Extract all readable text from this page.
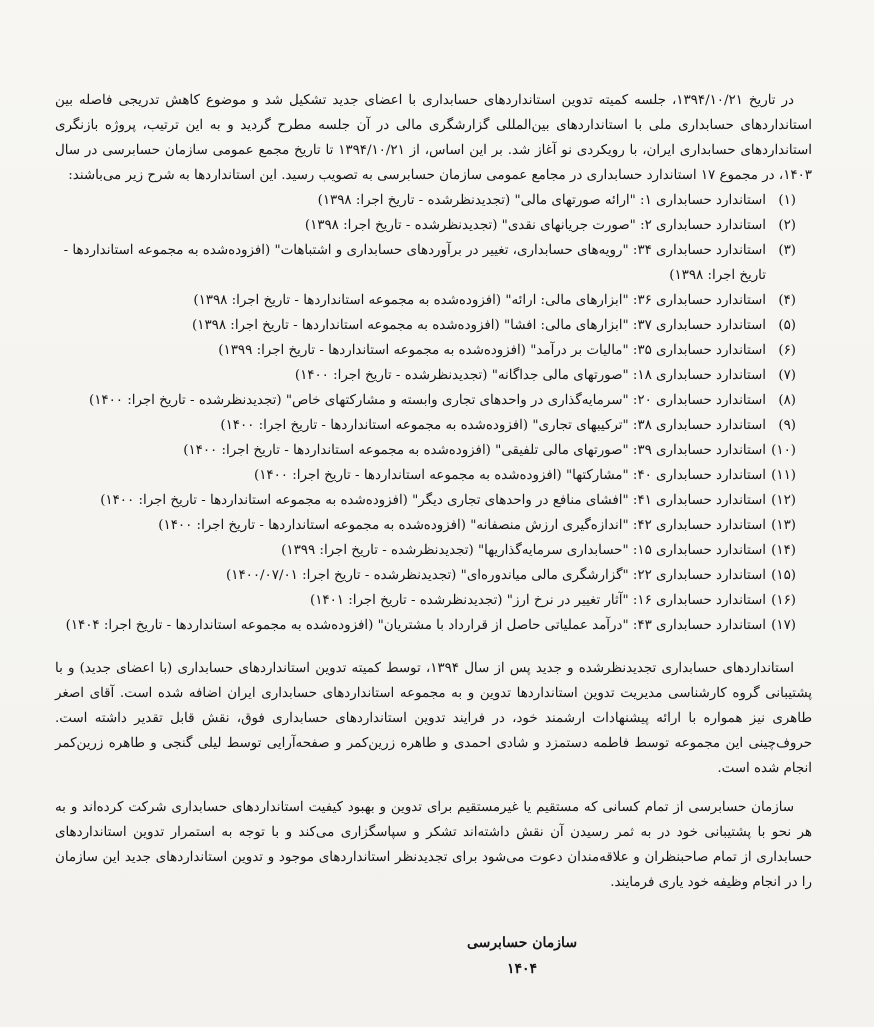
در تاریخ ۱۳۹۴/۱۰/۲۱، جلسه کمیته تدوین استانداردهای حسابداری با اعضای جدید تشکیل شد و موضوع کاهش تدریجی فاصله بین استانداردهای حسابداری ملی با استانداردهای بین‌المللی گزارشگری مالی در آن جلسه مطرح گردید و به این ترتیب، پروژه بازنگری استانداردهای حسابداری ایران، با رویکردی نو آغاز شد. بر این اساس، از ۱۳۹۴/۱۰/۲۱ تا تاریخ مجمع عمومی سازمان حسابرسی در سال ۱۴۰۳، در مجموع ۱۷ استاندارد حسابداری در مجامع عمومی سازمان حسابرسی به تصویب رسید. این استانداردها به شرح زیر می‌باشند:

(۱)
استاندارد حسابداری ۱: "ارائه صورتهای مالی" (تجدیدنظرشده - تاریخ اجرا: ۱۳۹۸)
(۲)
استاندارد حسابداری ۲: "صورت جریانهای نقدی" (تجدیدنظرشده - تاریخ اجرا: ۱۳۹۸)
(۳)
استاندارد حسابداری ۳۴: "رویه‌های حسابداری، تغییر در برآوردهای حسابداری و اشتباهات" (افزوده‌شده به مجموعه استانداردها - تاریخ اجرا: ۱۳۹۸)
(۴)
استاندارد حسابداری ۳۶: "ابزارهای مالی: ارائه" (افزوده‌شده به مجموعه استانداردها - تاریخ اجرا: ۱۳۹۸)
(۵)
استاندارد حسابداری ۳۷: "ابزارهای مالی: افشا" (افزوده‌شده به مجموعه استانداردها - تاریخ اجرا: ۱۳۹۸)
(۶)
استاندارد حسابداری ۳۵: "مالیات بر درآمد" (افزوده‌شده به مجموعه استانداردها - تاریخ اجرا: ۱۳۹۹)
(۷)
استاندارد حسابداری ۱۸: "صورتهای مالی جداگانه" (تجدیدنظرشده - تاریخ اجرا: ۱۴۰۰)
(۸)
استاندارد حسابداری ۲۰: "سرمایه‌گذاری در واحدهای تجاری وابسته و مشارکتهای خاص" (تجدیدنظرشده - تاریخ اجرا: ۱۴۰۰)
(۹)
استاندارد حسابداری ۳۸: "ترکیبهای تجاری" (افزوده‌شده به مجموعه استانداردها - تاریخ اجرا: ۱۴۰۰)
(۱۰)
استاندارد حسابداری ۳۹: "صورتهای مالی تلفیقی" (افزوده‌شده به مجموعه استانداردها - تاریخ اجرا: ۱۴۰۰)
(۱۱)
استاندارد حسابداری ۴۰: "مشارکتها" (افزوده‌شده به مجموعه استانداردها - تاریخ اجرا: ۱۴۰۰)
(۱۲)
استاندارد حسابداری ۴۱: "افشای منافع در واحدهای تجاری دیگر" (افزوده‌شده به مجموعه استانداردها - تاریخ اجرا: ۱۴۰۰)
(۱۳)
استاندارد حسابداری ۴۲: "اندازه‌گیری ارزش منصفانه" (افزوده‌شده به مجموعه استانداردها - تاریخ اجرا: ۱۴۰۰)
(۱۴)
استاندارد حسابداری ۱۵: "حسابداری سرمایه‌گذاریها" (تجدیدنظرشده - تاریخ اجرا: ۱۳۹۹)
(۱۵)
استاندارد حسابداری ۲۲: "گزارشگری مالی میاندوره‌ای" (تجدیدنظرشده - تاریخ اجرا: ۱۴۰۰/۰۷/۰۱)
(۱۶)
استاندارد حسابداری ۱۶: "آثار تغییر در نرخ ارز" (تجدیدنظرشده - تاریخ اجرا: ۱۴۰۱)
(۱۷)
استاندارد حسابداری ۴۳: "درآمد عملیاتی حاصل از قرارداد با مشتریان" (افزوده‌شده به مجموعه استانداردها - تاریخ اجرا: ۱۴۰۴)

استانداردهای حسابداری تجدیدنظرشده و جدید پس از سال ۱۳۹۴، توسط کمیته تدوین استانداردهای حسابداری (با اعضای جدید) و با پشتیبانی گروه کارشناسی مدیریت تدوین استانداردها تدوین و به مجموعه استانداردهای حسابداری ایران اضافه شده است. آقای اصغر طاهری نیز همواره با ارائه پیشنهادات ارشمند خود، در فرایند تدوین استانداردهای حسابداری فوق، نقش قابل تقدیر داشته است. حروف‌چینی این مجموعه توسط فاطمه دستمزد و شادی احمدی و طاهره زرین‌کمر و صفحه‌آرایی توسط لیلی گنجی و طاهره زرین‌کمر انجام شده است.

سازمان حسابرسی از تمام کسانی که مستقیم یا غیرمستقیم برای تدوین و بهبود کیفیت استانداردهای حسابداری شرکت کرده‌اند و به هر نحو با پشتیبانی خود در به ثمر رسیدن آن نقش داشته‌اند تشکر و سپاسگزاری می‌کند و با توجه به استمرار تدوین استانداردهای حسابداری از تمام صاحبنظران و علاقه‌مندان دعوت می‌شود برای تجدیدنظر استانداردهای موجود و تدوین استانداردهای جدید این سازمان را در انجام وظیفه خود یاری فرمایند.

سازمان حسابرسی
۱۴۰۴
